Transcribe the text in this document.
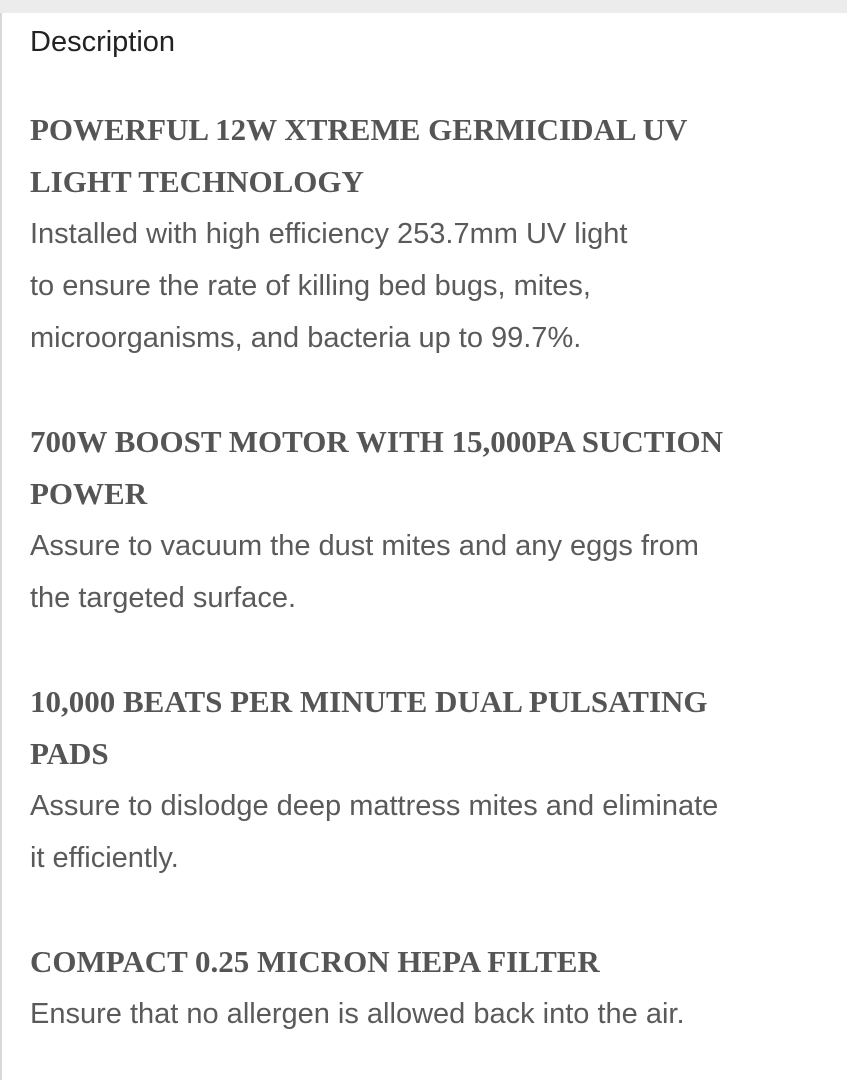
Description
POWERFUL 12W XTREME GERMICIDAL UV
LIGHT TECHNOLOGY
Installed with high efficiency 253.7mm UV light
to ensure the rate of killing bed bugs, mites,
microorganisms, and bacteria up to 99.7%.
700W BOOST MOTOR WITH 15,000PA SUCTION
POWER
Assure to vacuum the dust mites and any eggs from
the targeted surface.
10,000 BEATS PER MINUTE DUAL PULSATING
PADS
Assure to dislodge deep mattress mites and eliminate
it efficiently.
COMPACT 0.25 MICRON HEPA FILTER
Ensure that no allergen is allowed back into the air.
